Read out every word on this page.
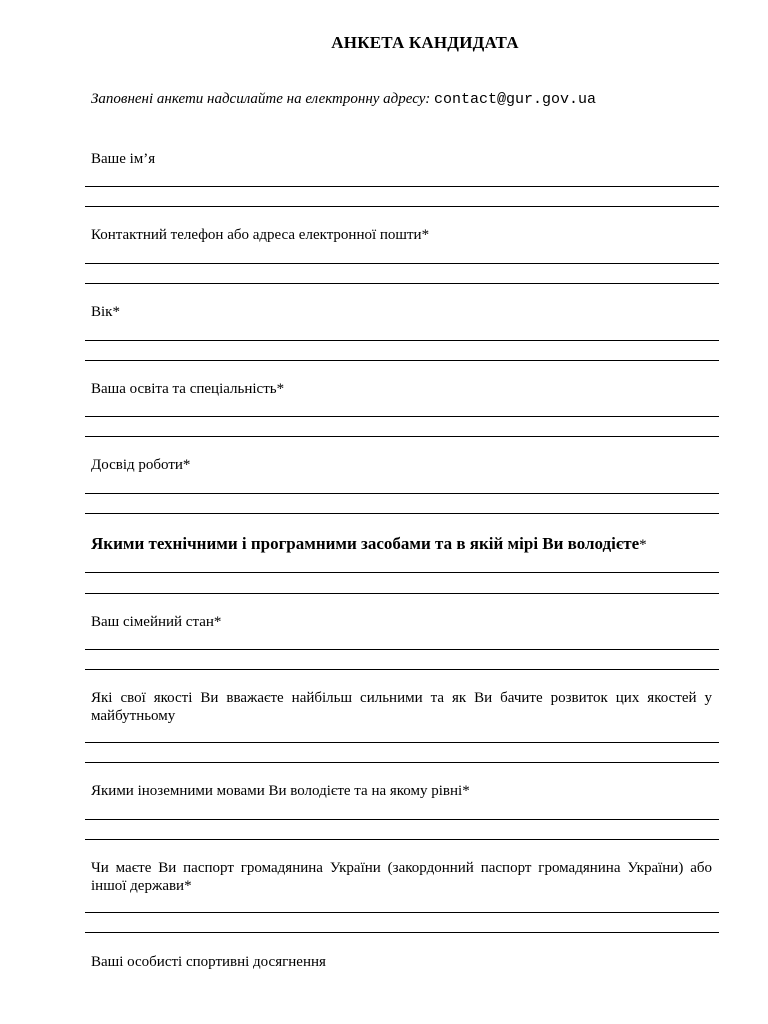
АНКЕТА КАНДИДАТА
Заповнені анкети надсилайте на електронну адресу: contact@gur.gov.ua
Ваше ім’я
Контактний телефон або адреса електронної пошти*
Вік*
Ваша освіта та спеціальність*
Досвід роботи*
Якими технічними і програмними засобами та в якій мірі Ви володієте*
Ваш сімейний стан*
Які свої якості Ви вважаєте найбільш сильними та як Ви бачите розвиток цих якостей у майбутньому
Якими іноземними мовами Ви володієте та на якому рівні*
Чи маєте Ви паспорт громадянина України (закордонний паспорт громадянина України) або іншої держави*
Ваші особисті спортивні досягнення
